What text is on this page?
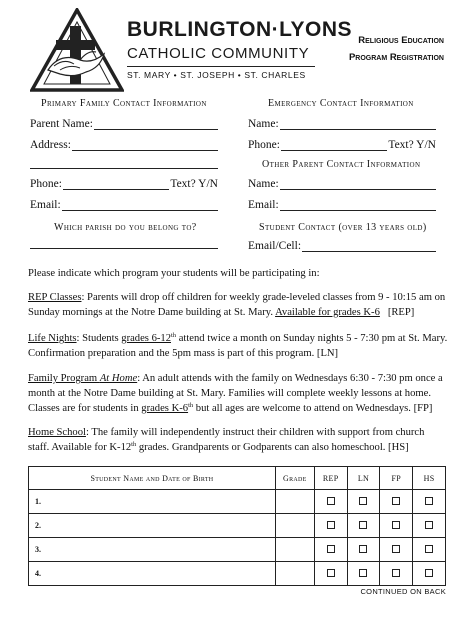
BURLINGTON·LYONS
CATHOLIC COMMUNITY
ST. MARY • ST. JOSEPH • ST. CHARLES
Religious Education
Program Registration
Primary Family Contact Information
Parent Name:
Address:
Phone:	Text? Y/N
Email:
Which parish do you belong to?
Emergency Contact Information
Name:
Phone:	Text? Y/N
Other Parent Contact Information
Name:
Email:
Student Contact (over 13 years old)
Email/Cell:
Please indicate which program your students will be participating in:
REP Classes: Parents will drop off children for weekly grade-leveled classes from 9 - 10:15 am on Sunday mornings at the Notre Dame building at St. Mary. Available for grades K-6   [REP]
Life Nights: Students grades 6-12th attend twice a month on Sunday nights 5 - 7:30 pm at St. Mary. Confirmation preparation and the 5pm mass is part of this program. [LN]
Family Program At Home: An adult attends with the family on Wednesdays 6:30 - 7:30 pm once a month at the Notre Dame building at St. Mary. Families will complete weekly lessons at home. Classes are for students in grades K-6th but all ages are welcome to attend on Wednesdays. [FP]
Home School: The family will independently instruct their children with support from church staff. Available for K-12th grades. Grandparents or Godparents can also homeschool. [HS]
Student Name and Date of Birth	Grade	REP	LN	FP	HS
1.					
2.					
3.					
4.					
CONTINUED ON BACK
